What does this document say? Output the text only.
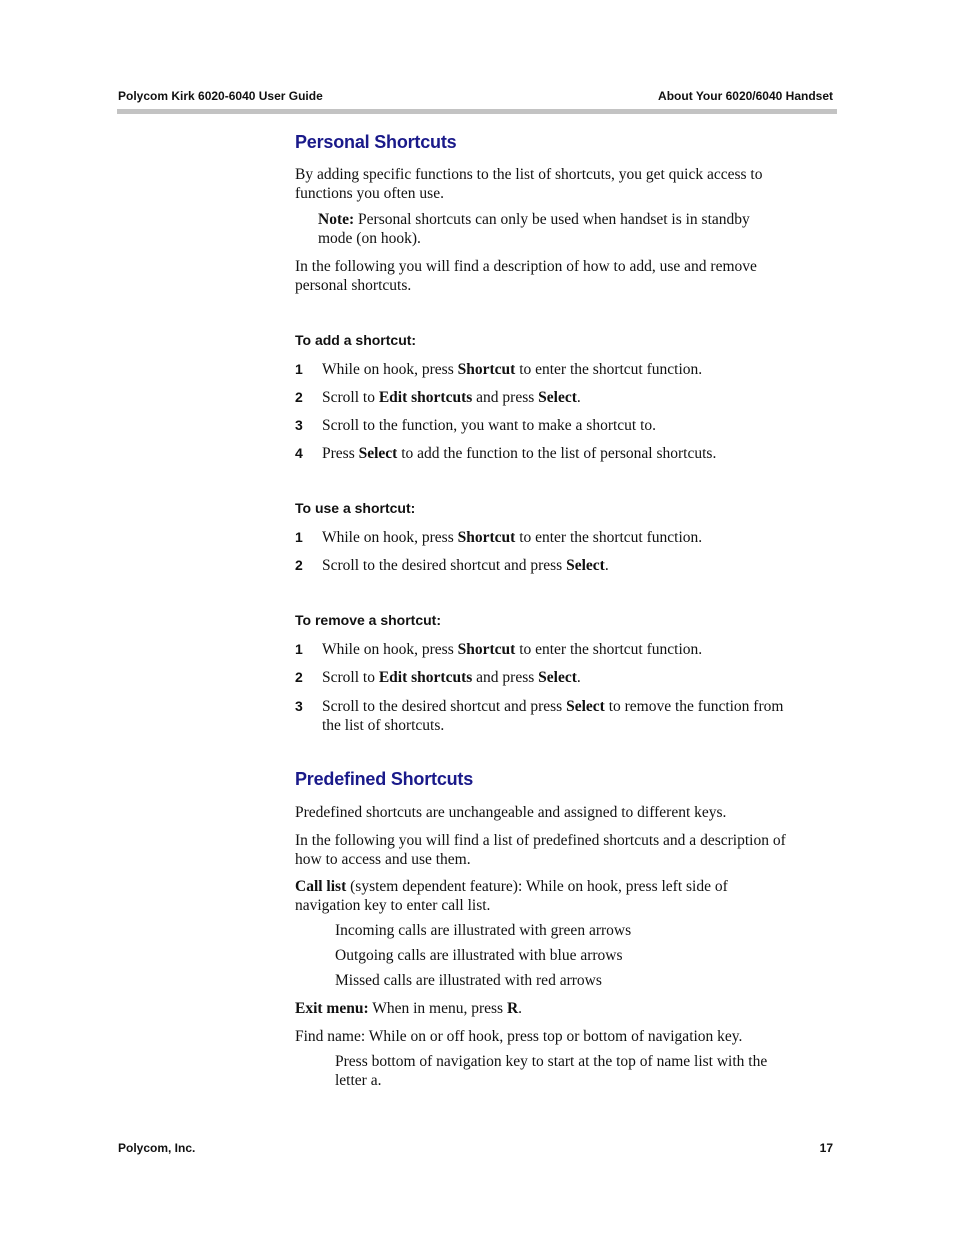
Polycom Kirk 6020-6040 User Guide	About Your 6020/6040 Handset
Personal Shortcuts
By adding specific functions to the list of shortcuts, you get quick access to
functions you often use.
Note: Personal shortcuts can only be used when handset is in standby
mode (on hook).
In the following you will find a description of how to add, use and remove
personal shortcuts.
To add a shortcut:
1 While on hook, press Shortcut to enter the shortcut function.
2 Scroll to Edit shortcuts and press Select.
3 Scroll to the function, you want to make a shortcut to.
4 Press Select to add the function to the list of personal shortcuts.
To use a shortcut:
1 While on hook, press Shortcut to enter the shortcut function.
2 Scroll to the desired shortcut and press Select.
To remove a shortcut:
1 While on hook, press Shortcut to enter the shortcut function.
2 Scroll to Edit shortcuts and press Select.
3 Scroll to the desired shortcut and press Select to remove the function from
the list of shortcuts.
Predefined Shortcuts
Predefined shortcuts are unchangeable and assigned to different keys.
In the following you will find a list of predefined shortcuts and a description of
how to access and use them.
Call list (system dependent feature): While on hook, press left side of
navigation key to enter call list.
Incoming calls are illustrated with green arrows
Outgoing calls are illustrated with blue arrows
Missed calls are illustrated with red arrows
Exit menu: When in menu, press R.
Find name: While on or off hook, press top or bottom of navigation key.
Press bottom of navigation key to start at the top of name list with the
letter a.
Polycom, Inc.	17
